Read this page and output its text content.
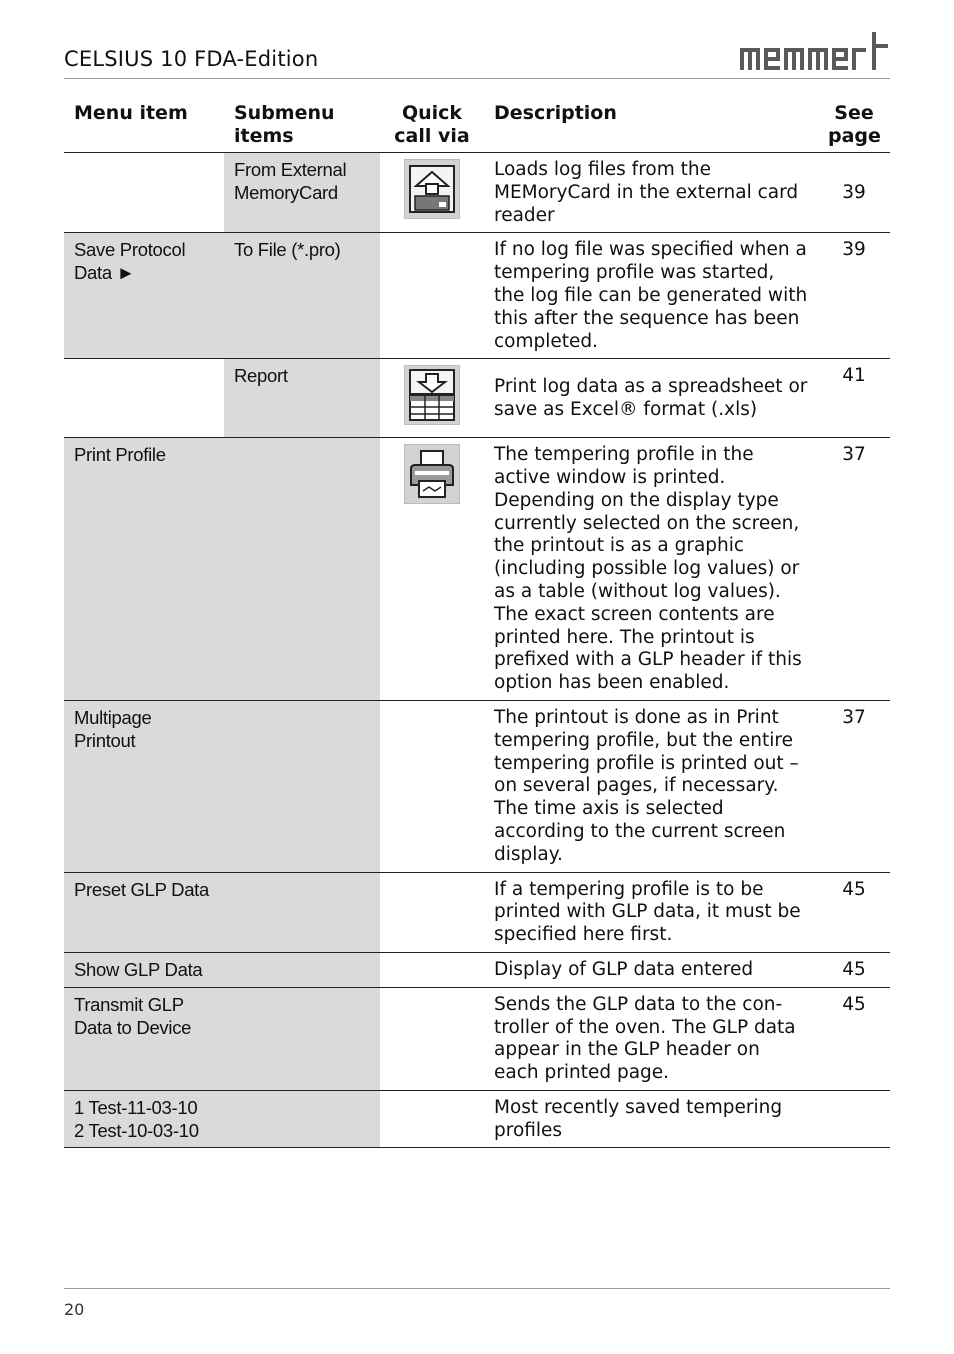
CELSIUS 10 FDA-Edition
Menu item	Submenu items	Quick call via	Description	See page
	From External MemoryCard		Loads log files from the MEMoryCard in the external card reader	39
Save Protocol Data ►	To File (*.pro)		If no log file was specified when a tempering profile was started, the log file can be generated with this after the sequence has been completed.	39
	Report		Print log data as a spreadsheet or save as Excel® format (.xls)	41
Print Profile			The tempering profile in the active window is printed. Depending on the display type currently selected on the screen, the printout is as a graphic (including possible log values) or as a table (without log values). The exact screen contents are printed here. The printout is prefixed with a GLP header if this option has been enabled.	37
Multipage Printout			The printout is done as in Print tempering profile, but the entire tempering profile is printed out – on several pages, if necessary. The time axis is selected according to the current screen display.	37
Preset GLP Data			If a tempering profile is to be printed with GLP data, it must be specified here first.	45
Show GLP Data			Display of GLP data entered	45
Transmit GLP Data to Device			Sends the GLP data to the controller of the oven. The GLP data appear in the GLP header on each printed page.	45
1 Test-11-03-10
2 Test-10-03-10			Most recently saved tempering profiles	
20
